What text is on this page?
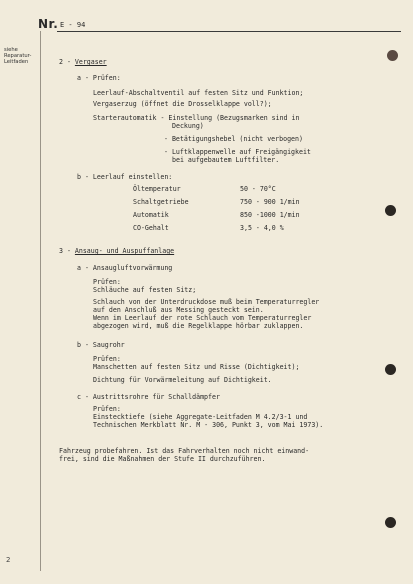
Nr. E - 94
siehe
Reparatur-
Leitfaden	2 - Vergaser
a - Prüfen:
Leerlauf-Abschaltventil auf festen Sitz und Funktion;
Vergaserzug (öffnet die Drosselklappe voll?);
Starterautomatik - Einstellung (Bezugsmarken sind in
Deckung)
- Betätigungshebel (nicht verbogen)
- Luftklappenwelle auf Freigängigkeit
bei aufgebautem Luftfilter.
b - Leerlauf einstellen:
Öltemperatur	50 - 70°C
Schaltgetriebe	750 - 900 1/min
Automatik	850 -1000 1/min
CO-Gehalt	3,5 - 4,0 %
3 - Ansaug- und Auspuffanlage
a - Ansaugluftvorwärmung
Prüfen:
Schläuche auf festen Sitz;
Schlauch von der Unterdruckdose muß beim Temperaturregler
auf den Anschluß aus Messing gesteckt sein.
Wenn im Leerlauf der rote Schlauch vom Temperaturregler
abgezogen wird, muß die Regelklappe hörbar zuklappen.
b - Saugrohr
Prüfen:
Manschetten auf festen Sitz und Risse (Dichtigkeit);
Dichtung für Vorwärmeleitung auf Dichtigkeit.
c - Austrittsrohre für Schalldämpfer
Prüfen:
Einstecktiefe (siehe Aggregate-Leitfaden M 4.2/3-1 und
Technischen Merkblatt Nr. M - 306, Punkt 3, vom Mai 1973).
Fahrzeug probefahren. Ist das Fahrverhalten noch nicht einwand-
frei, sind die Maßnahmen der Stufe II durchzuführen.
2
